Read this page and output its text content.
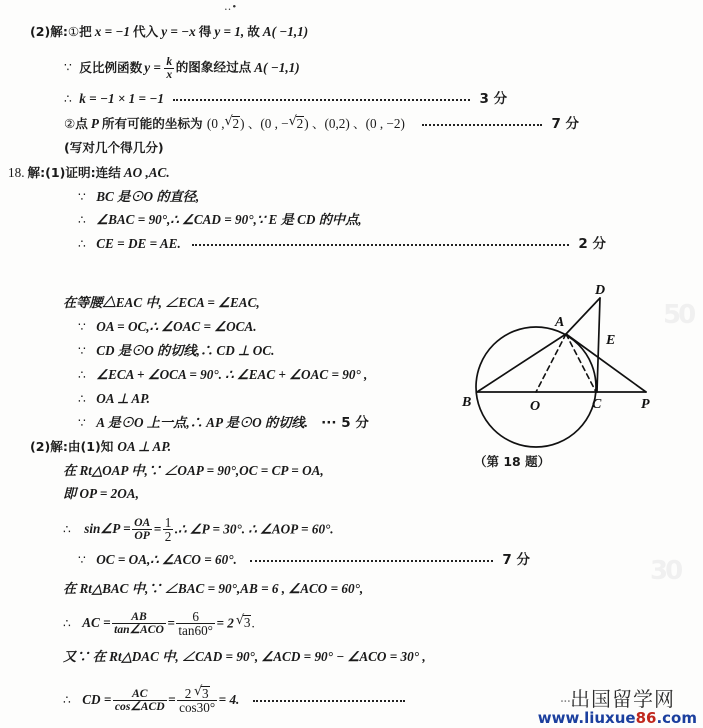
‥•
(2)解:①把 x = −1 代入 y = −x 得 y = 1, 故 A( −1,1)
∵ 反比例函数 $y = \frac{k}{x}$ 的图象经过点 A( −1,1)
∴ k = −1 × 1 = −1	3 分
②点 P 所有可能的坐标为 (0 , √ 2) 、(0 , − √ 2) 、(0,2) 、(0 , −2)	7 分
(写对几个得几分)
18. 解:(1)证明:连结 AO ,AC.
∵ BC 是⊙O 的直径,
∴ ∠BAC = 90°,∴ ∠CAD = 90°,∵ E 是 CD 的中点,
∴ CE = DE = AE.	2 分
在等腰△EAC 中, ∠ECA = ∠EAC,
∵ OA = OC,∴ ∠OAC = ∠OCA.
∵ CD 是⊙O 的切线,∴ CD ⊥ OC.
∴ ∠ECA + ∠OCA = 90°. ∴ ∠EAC + ∠OAC = 90° ,
∴ OA ⊥ AP.
∵ A 是⊙O 上一点,∴ AP 是⊙O 的切线. ··· 5 分
(2)解:由(1)知 OA ⊥ AP.
在 Rt△OAP 中,∵ ∠OAP = 90°,OC = CP = OA,
即 OP = 2OA,
∴ sin∠P = $\frac{OA}{OP} = \frac{1}{2}$ .∴ ∠P = 30°. ∴ ∠AOP = 60°.
∵ OC = OA,∴ ∠ACO = 60°.	7 分
在 Rt△BAC 中,∵ ∠BAC = 90°,AB = 6 , ∠ACO = 60°,
∴ AC = $\frac{AB}{\text{tan∠ACO}} = \frac{6}{\tan 60^\circ} = 2$ √ 3.
又∵ 在 Rt△DAC 中, ∠CAD = 90°, ∠ACD = 90° − ∠ACO = 30° ,
∴ CD = $\frac{AC}{\text{cos∠ACD}} = \frac{2 √ 3}{\cos 30^\circ} = 4$.
B	O	C	P
A
D
E
（第 18 题）
50
30
···出国留学网
www.liuxue86.com
